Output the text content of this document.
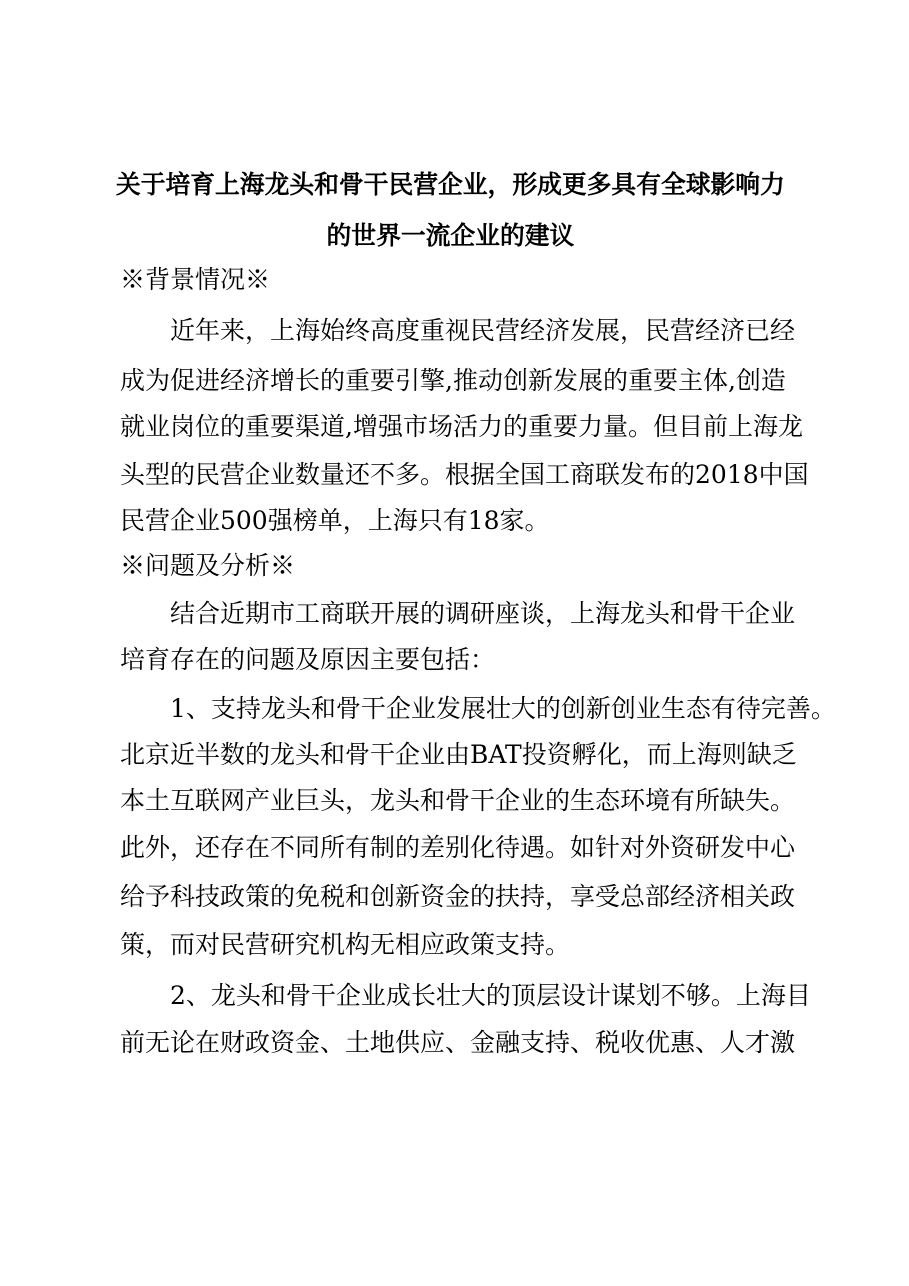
关于培育上海龙头和骨干民营企业，形成更多具有全球影响力
的世界一流企业的建议
※背景情况※
近年来，上海始终高度重视民营经济发展，民营经济已经
成为促进经济增长的重要引擎,推动创新发展的重要主体,创造
就业岗位的重要渠道,增强市场活力的重要力量。但目前上海龙
头型的民营企业数量还不多。根据全国工商联发布的2018中国
民营企业500强榜单，上海只有18家。
※问题及分析※
结合近期市工商联开展的调研座谈，上海龙头和骨干企业
培育存在的问题及原因主要包括：
1、支持龙头和骨干企业发展壮大的创新创业生态有待完善。
北京近半数的龙头和骨干企业由BAT投资孵化，而上海则缺乏
本土互联网产业巨头，龙头和骨干企业的生态环境有所缺失。
此外，还存在不同所有制的差别化待遇。如针对外资研发中心
给予科技政策的免税和创新资金的扶持，享受总部经济相关政
策，而对民营研究机构无相应政策支持。
2、龙头和骨干企业成长壮大的顶层设计谋划不够。上海目
前无论在财政资金、土地供应、金融支持、税收优惠、人才激
